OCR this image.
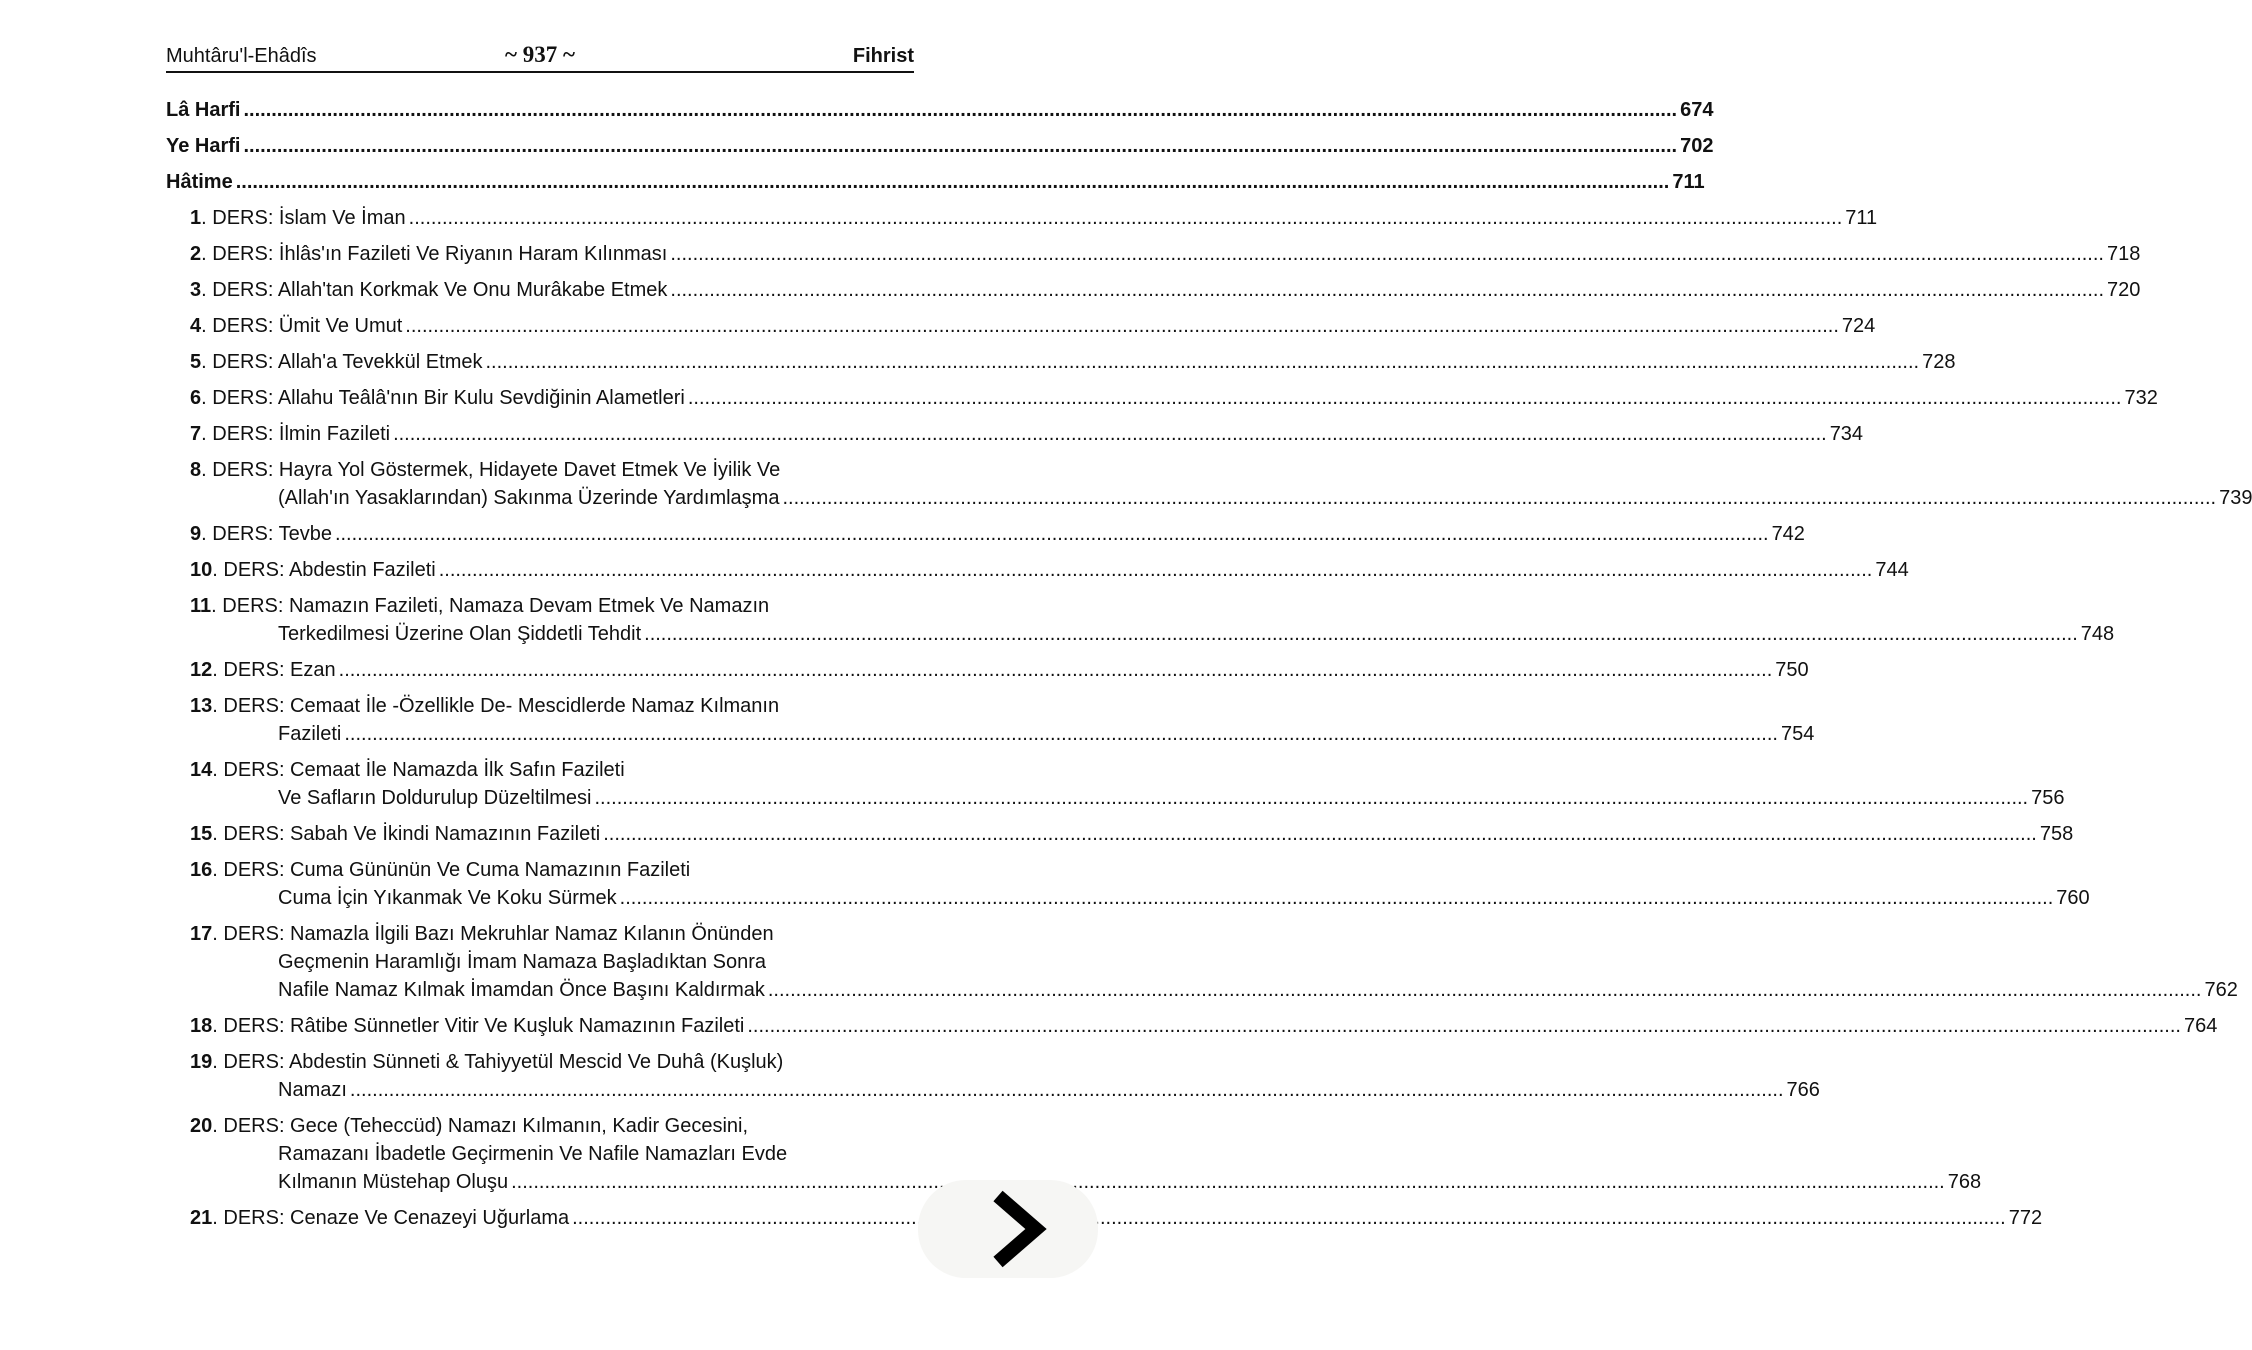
Muhtâru'l-Ehâdîs	~ 937 ~	Fihrist
Lâ Harfi .....	674
Ye Harfi .....	702
Hâtime .....	711
1 . DERS: İslam Ve İman .....	711
2 . DERS: İhlâs'ın Fazileti Ve Riyanın Haram Kılınması .....	718
3 . DERS: Allah'tan Korkmak Ve Onu Murâkabe Etmek .....	720
4 . DERS: Ümit Ve Umut .....	724
5 . DERS: Allah'a Tevekkül Etmek .....	728
6 . DERS: Allahu Teâlâ'nın Bir Kulu Sevdiğinin Alametleri .....	732
7 . DERS: İlmin Fazileti .....	734
8 . DERS: Hayra Yol Göstermek, Hidayete Davet Etmek Ve İyilik Ve
(Allah'ın Yasaklarından) Sakınma Üzerinde Yardımlaşma .....	739
9 . DERS: Tevbe .....	742
10 . DERS: Abdestin Fazileti .....	744
11 . DERS: Namazın Fazileti, Namaza Devam Etmek Ve Namazın
Terkedilmesi Üzerine Olan Şiddetli Tehdit .....	748
12 . DERS: Ezan .....	750
13 . DERS: Cemaat İle -Özellikle De- Mescidlerde Namaz Kılmanın
Fazileti .....	754
14 . DERS: Cemaat İle Namazda İlk Safın Fazileti
Ve Safların Doldurulup Düzeltilmesi .....	756
15 . DERS: Sabah Ve İkindi Namazının Fazileti .....	758
16 . DERS: Cuma Gününün Ve Cuma Namazının Fazileti
Cuma İçin Yıkanmak Ve Koku Sürmek .....	760
17 . DERS: Namazla İlgili Bazı Mekruhlar Namaz Kılanın Önünden
Geçmenin Haramlığı İmam Namaza Başladıktan Sonra
Nafile Namaz Kılmak İmamdan Önce Başını Kaldırmak .....	762
18 . DERS: Râtibe Sünnetler Vitir Ve Kuşluk Namazının Fazileti .....	764
19 . DERS: Abdestin Sünneti & Tahiyyetül Mescid Ve Duhâ (Kuşluk)
Namazı .....	766
20 . DERS: Gece (Teheccüd) Namazı Kılmanın, Kadir Gecesini,
Ramazanı İbadetle Geçirmenin Ve Nafile Namazları Evde
Kılmanın Müstehap Oluşu .....	768
21 . DERS: Cenaze Ve Cenazeyi Uğurlama .....	772
